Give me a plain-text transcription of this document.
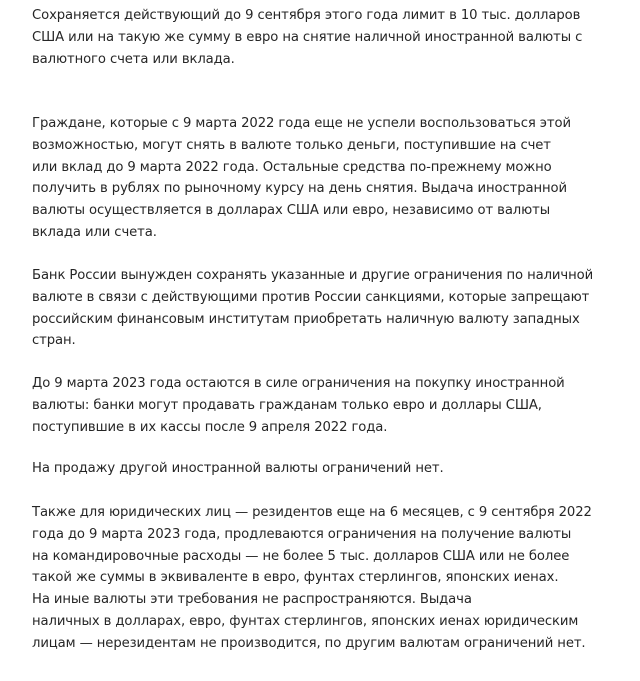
Сохраняется действующий до 9 сентября этого года лимит в 10 тыс. долларов
США или на такую же сумму в евро на снятие наличной иностранной валюты с
валютного счета или вклада.

Граждане, которые с 9 марта 2022 года еще не успели воспользоваться этой
возможностью, могут снять в валюте только деньги, поступившие на счет
или вклад до 9 марта 2022 года. Остальные средства по-прежнему можно
получить в рублях по рыночному курсу на день снятия. Выдача иностранной
валюты осуществляется в долларах США или евро, независимо от валюты
вклада или счета.

Банк России вынужден сохранять указанные и другие ограничения по наличной
валюте в связи с действующими против России санкциями, которые запрещают
российским финансовым институтам приобретать наличную валюту западных
стран.

До 9 марта 2023 года остаются в силе ограничения на покупку иностранной
валюты: банки могут продавать гражданам только евро и доллары США,
поступившие в их кассы после 9 апреля 2022 года.

На продажу другой иностранной валюты ограничений нет.

Также для юридических лиц — резидентов еще на 6 месяцев, с 9 сентября 2022
года до 9 марта 2023 года, продлеваются ограничения на получение валюты
на командировочные расходы — не более 5 тыс. долларов США или не более
такой же суммы в эквиваленте в евро, фунтах стерлингов, японских иенах.
На иные валюты эти требования не распространяются. Выдача
наличных в долларах, евро, фунтах стерлингов, японских иенах юридическим
лицам — нерезидентам не производится, по другим валютам ограничений нет.
